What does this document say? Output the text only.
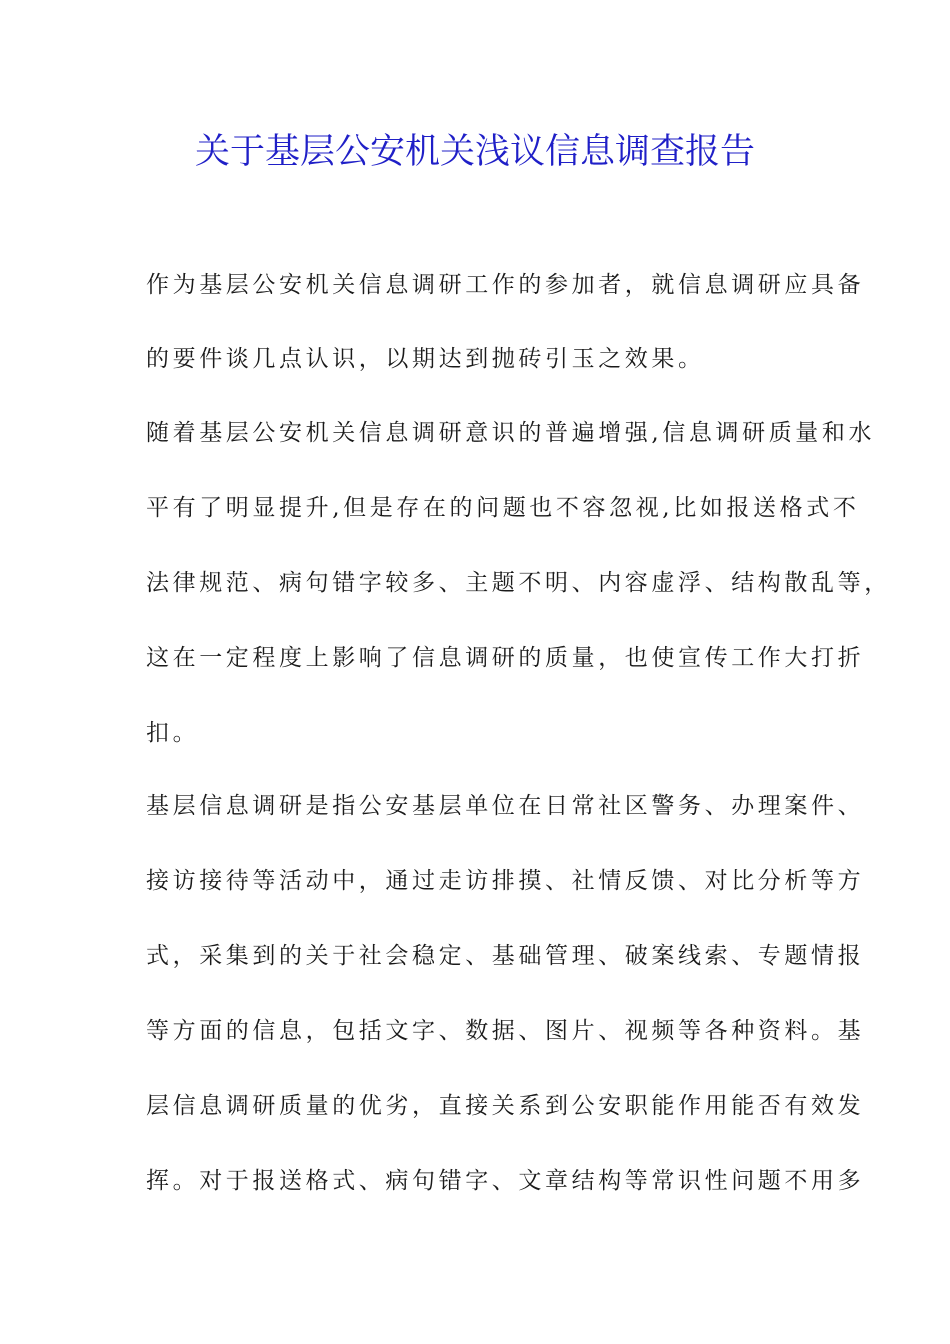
关于基层公安机关浅议信息调查报告
作为基层公安机关信息调研工作的参加者，就信息调研应具备
的要件谈几点认识，以期达到抛砖引玉之效果。
随着基层公安机关信息调研意识的普遍增强,信息调研质量和水
平有了明显提升,但是存在的问题也不容忽视,比如报送格式不
法律规范、病句错字较多、主题不明、内容虚浮、结构散乱等，
这在一定程度上影响了信息调研的质量，也使宣传工作大打折
扣。
基层信息调研是指公安基层单位在日常社区警务、办理案件、
接访接待等活动中，通过走访排摸、社情反馈、对比分析等方
式，采集到的关于社会稳定、基础管理、破案线索、专题情报
等方面的信息，包括文字、数据、图片、视频等各种资料。基
层信息调研质量的优劣，直接关系到公安职能作用能否有效发
挥。对于报送格式、病句错字、文章结构等常识性问题不用多
